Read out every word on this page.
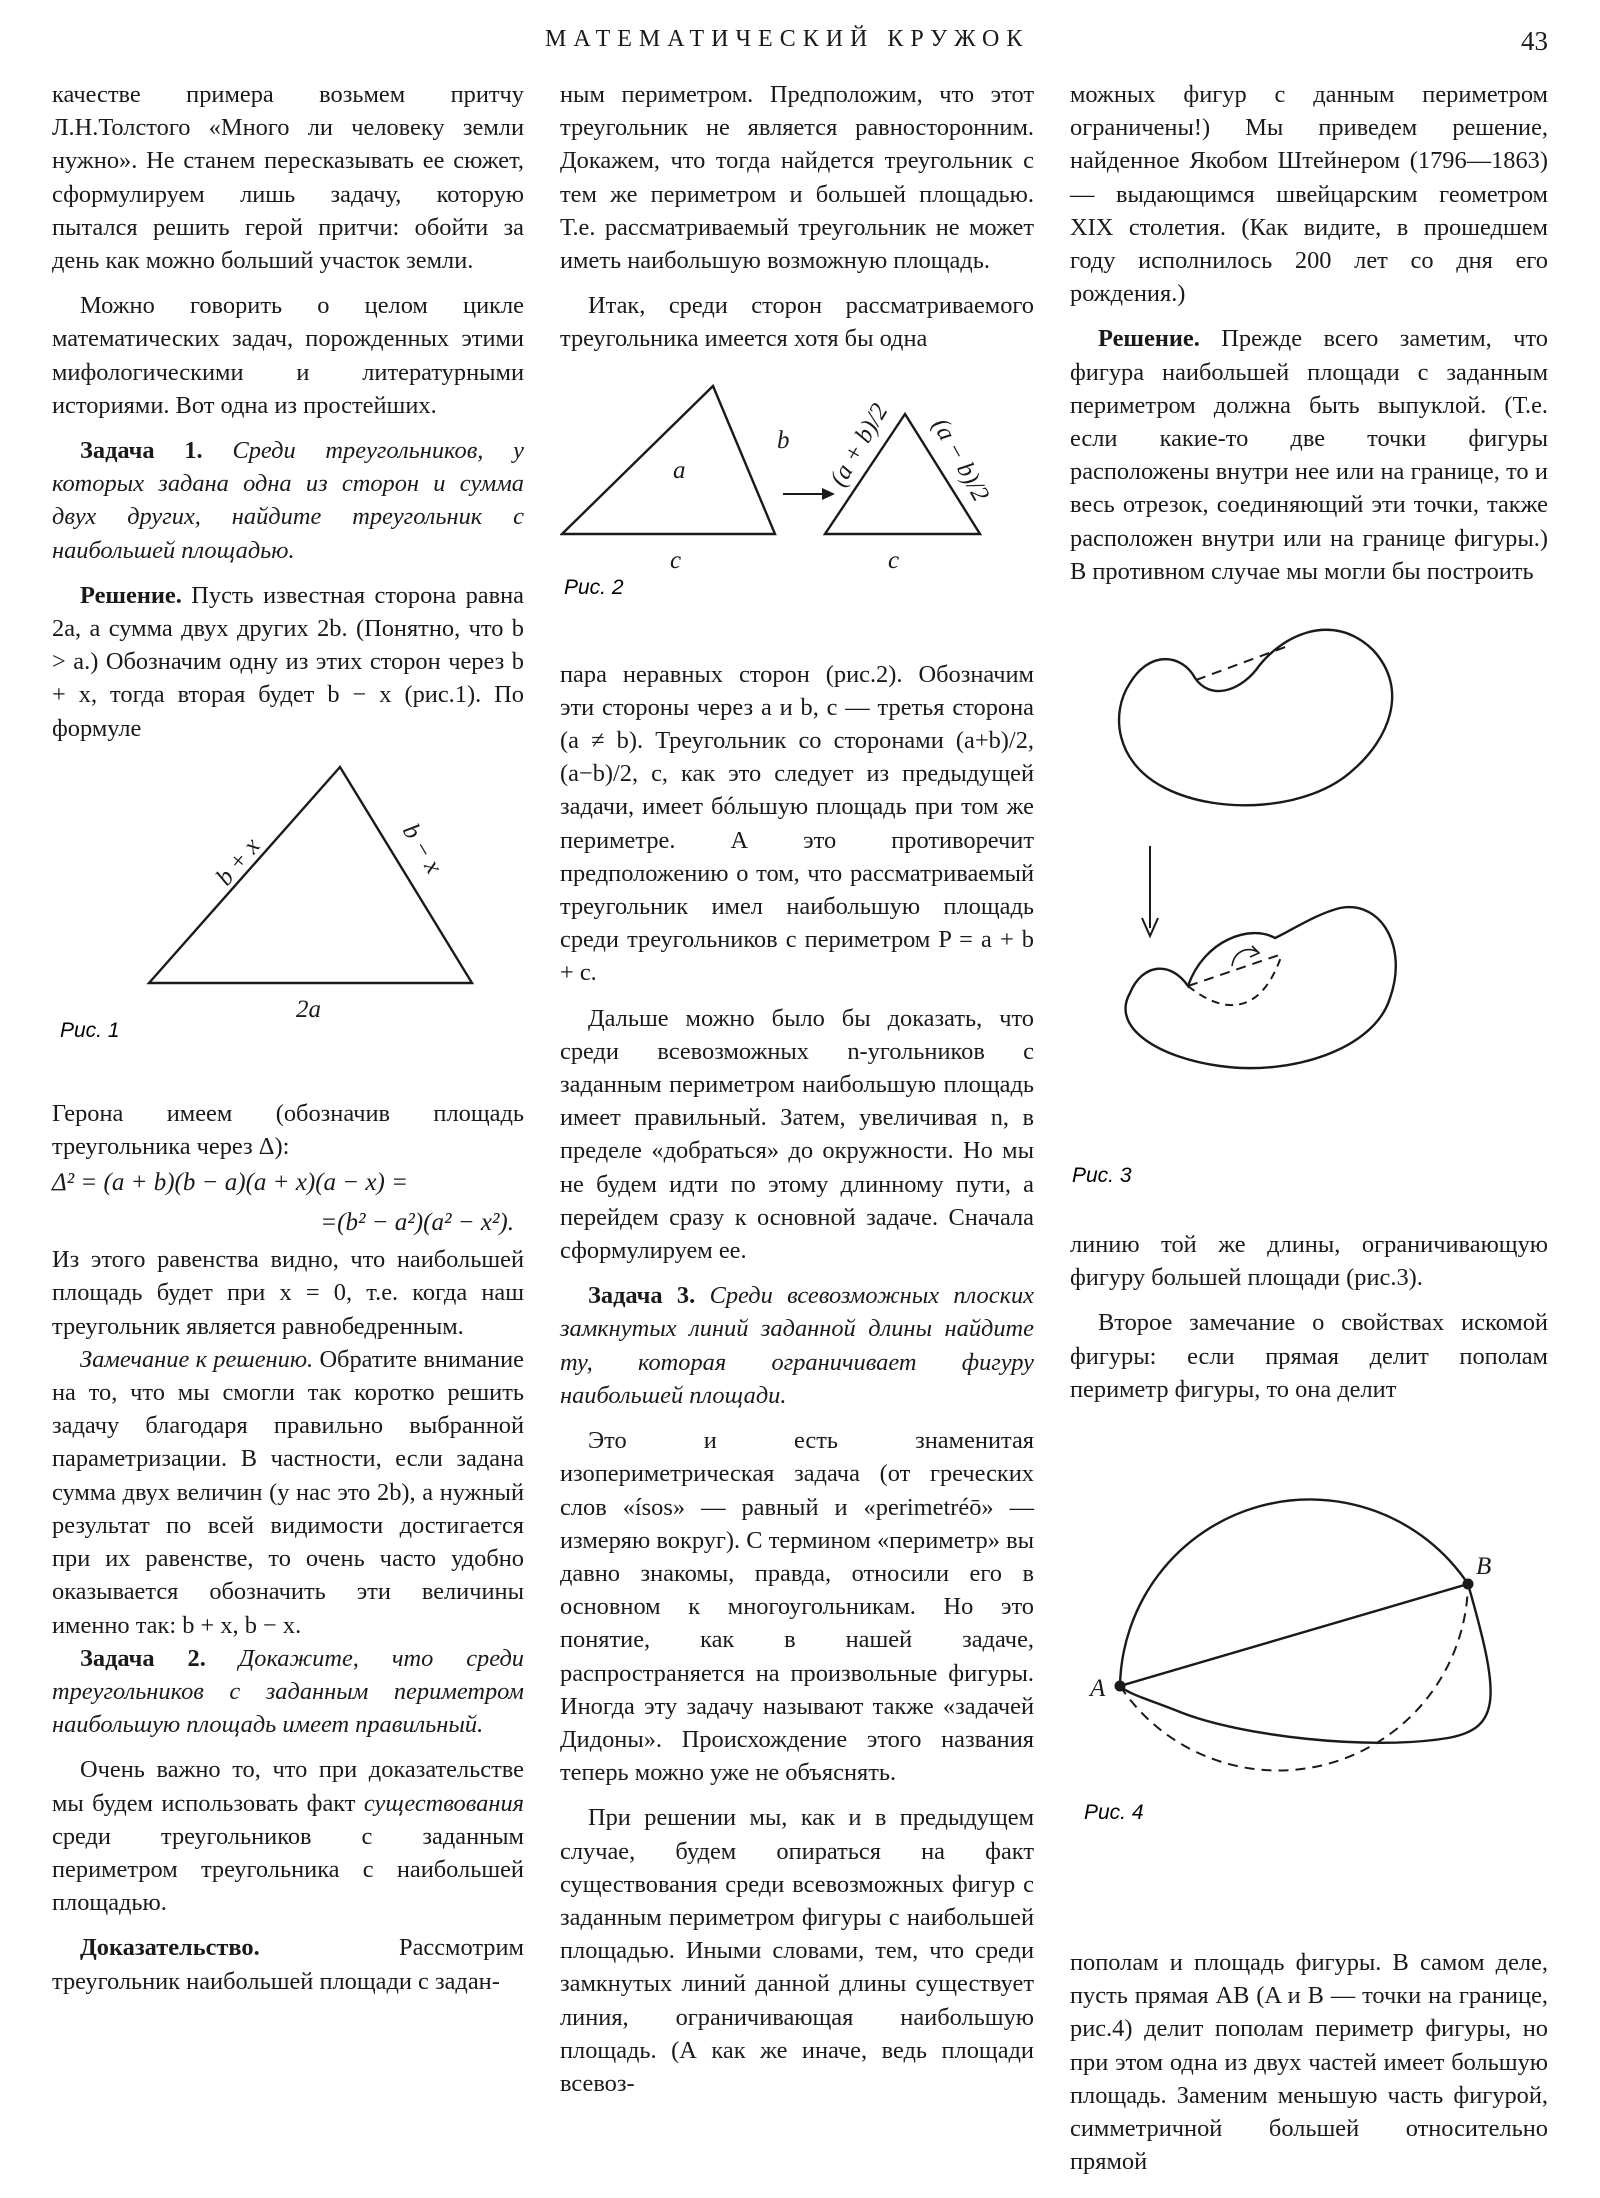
МАТЕМАТИЧЕСКИЙ КРУЖОК	43

качестве примера возьмем притчу Л.Н.Толстого «Много ли человеку земли нужно». Не станем пересказывать ее сюжет, сформулируем лишь задачу, которую пытался решить герой притчи: обойти за день как можно больший участок земли.

Можно говорить о целом цикле математических задач, порожденных этими мифологическими и литературными историями. Вот одна из простейших.

Задача 1. Среди треугольников, у которых задана одна из сторон и сумма двух других, найдите треугольник с наибольшей площадью.

Решение. Пусть известная сторона равна 2a, а сумма двух других 2b. (Понятно, что b > a.) Обозначим одну из этих сторон через b + x, тогда вторая будет b − x (рис.1). По формуле

b + x	b − x
2a
Рис. 1

Герона имеем (обозначив площадь треугольника через Δ):

Δ² = (a + b)(b − a)(a + x)(a − x) =
=(b² − a²)(a² − x²).

Из этого равенства видно, что наибольшей площадь будет при x = 0, т.е. когда наш треугольник является равнобедренным.

Замечание к решению. Обратите внимание на то, что мы смогли так коротко решить задачу благодаря правильно выбранной параметризации. В частности, если задана сумма двух величин (у нас это 2b), а нужный результат по всей видимости достигается при их равенстве, то очень часто удобно оказывается обозначить эти величины именно так: b + x, b − x.

Задача 2. Докажите, что среди треугольников с заданным периметром наибольшую площадь имеет правильный.

Очень важно то, что при доказательстве мы будем использовать факт существования среди треугольников с заданным периметром треугольника с наибольшей площадью.

Доказательство.	Рассмотрим треугольник наибольшей площади с задан-

ным периметром. Предположим, что этот треугольник не является равносторонним. Докажем, что тогда найдется треугольник с тем же периметром и большей площадью. Т.е. рассматриваемый треугольник не может иметь наибольшую возможную площадь.

Итак, среди сторон рассматриваемого треугольника имеется хотя бы одна

a
b
c	c
(a + b)/2 (a − b)/2
Рис. 2

пара неравных сторон (рис.2). Обозначим эти стороны через a и b, c — третья сторона (a ≠ b). Треугольник со сторонами (a+b)/2, (a−b)/2, c, как это следует из предыдущей задачи, имеет бóльшую площадь при том же периметре. А это противоречит предположению о том, что рассматриваемый треугольник имел наибольшую площадь среди треугольников с периметром P = a + b + c.

Дальше можно было бы доказать, что среди всевозможных n-угольников с заданным периметром наибольшую площадь имеет правильный. Затем, увеличивая n, в пределе «добраться» до окружности. Но мы не будем идти по этому длинному пути, а перейдем сразу к основной задаче. Сначала сформулируем ее.

Задача 3. Среди всевозможных плоских замкнутых линий заданной длины найдите ту, которая ограничивает фигуру наибольшей площади.

Это и есть знаменитая изопериметрическая задача (от греческих слов «ísos» — равный и «perimetréō» — измеряю вокруг). С термином «периметр» вы давно знакомы, правда, относили его в основном к многоугольникам. Но это понятие, как в нашей задаче, распространяется на произвольные фигуры. Иногда эту задачу называют также «задачей Дидоны». Происхождение этого названия теперь можно уже не объяснять.

При решении мы, как и в предыдущем случае, будем опираться на факт существования среди всевозможных фигур с заданным периметром фигуры с наибольшей площадью. Иными словами, тем, что среди замкнутых линий данной длины существует линия, ограничивающая наибольшую площадь. (А как же иначе, ведь площади всевоз-

можных фигур с данным периметром ограничены!) Мы приведем решение, найденное Якобом Штейнером (1796—1863) — выдающимся швейцарским геометром XIX столетия. (Как видите, в прошедшем году исполнилось 200 лет со дня его рождения.)

Решение. Прежде всего заметим, что фигура наибольшей площади с заданным периметром должна быть выпуклой. (Т.е. если какие-то две точки фигуры расположены внутри нее или на границе, то и весь отрезок, соединяющий эти точки, также расположен внутри или на границе фигуры.) В противном случае мы могли бы построить

Рис. 3

линию той же длины, ограничивающую фигуру большей площади (рис.3).

Второе замечание о свойствах искомой фигуры: если прямая делит пополам периметр фигуры, то она делит

A
B
Рис. 4

пополам и площадь фигуры. В самом деле, пусть прямая AB (A и B — точки на границе, рис.4) делит пополам периметр фигуры, но при этом одна из двух частей имеет большую площадь. Заменим меньшую часть фигурой, симметричной большей относительно прямой
